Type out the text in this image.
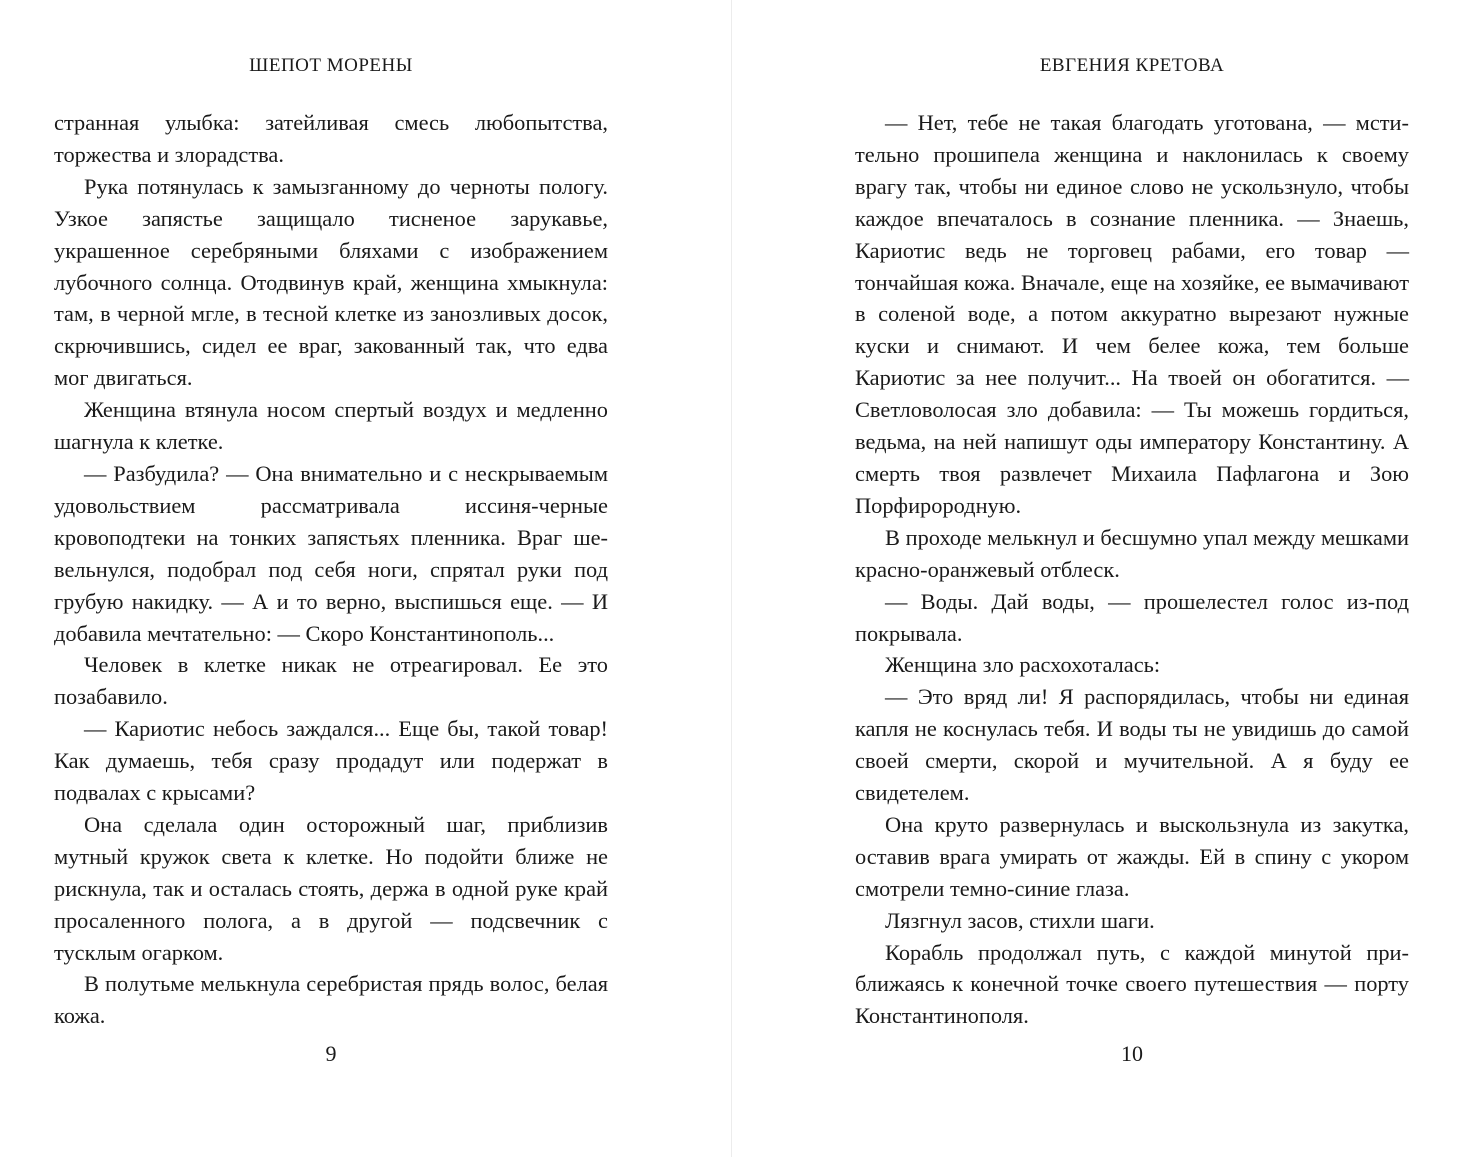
ШЕПОТ МОРЕНЫ

странная улыбка: затейливая смесь любопытства, торжества и злорадства.

Рука потянулась к замызганному до черноты пологу. Узкое запястье защищало тисненое зарукавье, украшенное серебряными бляхами с изображением лубочного солнца. Отодвинув край, женщина хмыкнула: там, в черной мгле, в тесной клетке из занозливых досок, скрючившись, сидел ее враг, закованный так, что едва мог двигаться.

Женщина втянула носом спертый воздух и медленно шагнула к клетке.

— Разбудила? — Она внимательно и с нескрываемым удовольствием рассматривала иссиня-черные кровоподтеки на тонких запястьях пленника. Враг шевельнулся, подобрал под себя ноги, спрятал руки под грубую накидку. — А и то верно, выспишься еще. — И добавила мечтательно: — Скоро Константинополь...

Человек в клетке никак не отреагировал. Ее это позабавило.

— Кариотис небось заждался... Еще бы, такой товар! Как думаешь, тебя сразу продадут или подержат в подвалах с крысами?

Она сделала один осторожный шаг, приблизив мутный кружок света к клетке. Но подойти ближе не рискнула, так и осталась стоять, держа в одной руке край просаленного полога, а в другой — подсвечник с тусклым огарком.

В полутьме мелькнула серебристая прядь волос, белая кожа.

9
ЕВГЕНИЯ КРЕТОВА

— Нет, тебе не такая благодать уготована, — мстительно прошипела женщина и наклонилась к своему врагу так, чтобы ни единое слово не ускользнуло, чтобы каждое впечаталось в сознание пленника. — Знаешь, Кариотис ведь не торговец рабами, его товар — тончайшая кожа. Вначале, еще на хозяйке, ее вымачивают в соленой воде, а потом аккуратно вырезают нужные куски и снимают. И чем белее кожа, тем больше Кариотис за нее получит... На твоей он обогатится. — Светловолосая зло добавила: — Ты можешь гордиться, ведьма, на ней напишут оды императору Константину. А смерть твоя развлечет Михаила Пафлагона и Зою Порфирородную.

В проходе мелькнул и бесшумно упал между мешками красно-оранжевый отблеск.

— Воды. Дай воды, — прошелестел голос из-под покрывала.

Женщина зло расхохоталась:

— Это вряд ли! Я распорядилась, чтобы ни единая капля не коснулась тебя. И воды ты не увидишь до самой своей смерти, скорой и мучительной. А я буду ее свидетелем.

Она круто развернулась и выскользнула из закутка, оставив врага умирать от жажды. Ей в спину с укором смотрели темно-синие глаза.

Лязгнул засов, стихли шаги.

Корабль продолжал путь, с каждой минутой приближаясь к конечной точке своего путешествия — порту Константинополя.

10
